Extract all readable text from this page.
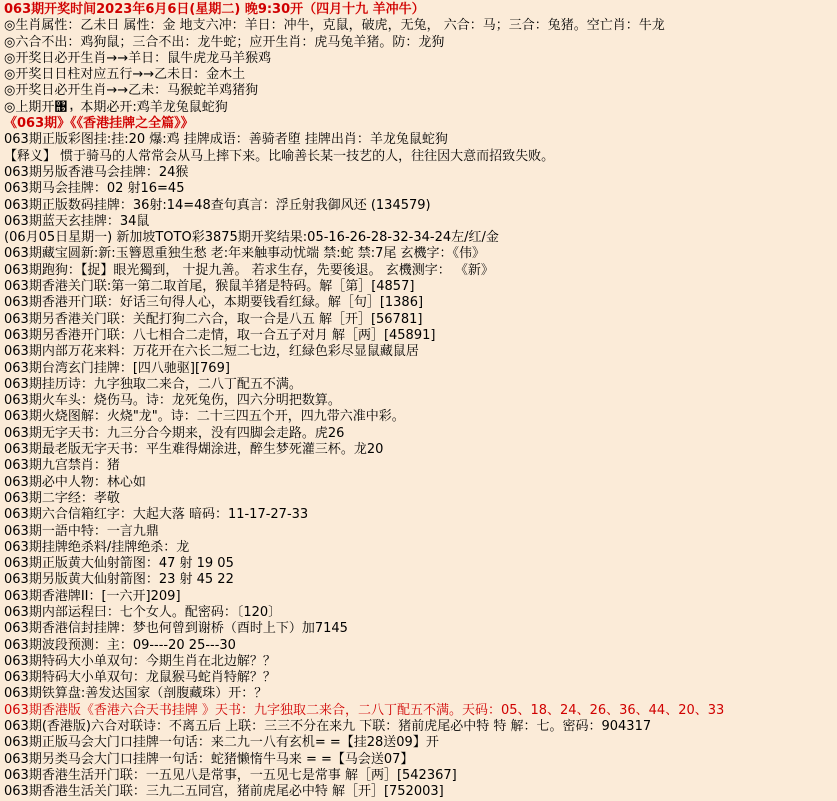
063期开奖时间2023年6月6日(星期二) 晚9:30开（四月十九 羊冲牛）
◎生肖属性：乙未日 属性：金 地支六冲：羊日：冲牛，克鼠，破虎，无兔， 六合：马；三合：兔猪。空亡肖：牛龙
◎六合不出：鸡狗鼠；三合不出：龙牛蛇；应开生肖：虎马兔羊猪。防：龙狗
◎开奖日必开生肖→→羊日：鼠牛虎龙马羊猴鸡
◎开奖日日柱对应五行→→乙未日：金木土
◎开奖日必开生肖→→乙未：马猴蛇羊鸡猪狗
◎上期开঩，本期必开:鸡羊龙兔鼠蛇狗
《063期》《《香港挂牌之全篇》》
063期正版彩图挂:挂:20 爆:鸡 挂牌成语：善骑者堕 挂牌出肖：羊龙兔鼠蛇狗
【释义】 惯于骑马的人常常会从马上摔下来。比喻善长某一技艺的人，往往因大意而招致失败。
063期另版香港马会挂牌：24猴
063期马会挂牌：02 射16=45
063期正版数码挂牌：36射:14=48查句真言：浮丘射我御风还 (134579)
063期蓝天玄挂牌：34鼠
(06月05日星期一) 新加坡TOTO彩3875期开奖结果:05-16-26-28-32-34-24左/红/金
063期藏宝圆新:新:玉簪恩重独生愁 老:年来触事动忧端 禁:蛇 禁:7尾 玄機字：《伟》
063期跑狗：【捉】眼光獨到， 十捉九善。 若求生存，先要後退。 玄機测字： 《新》
063期香港关门联:第一第二取首尾，猴鼠羊猪是特码。解［第］[4857]
063期香港开门联：好话三句得人心，本期要钱看红緑。解［句］[1386]
063期另香港关门联：关配打狗二六合，取一合是八五 解［开］[56781]
063期另香港开门联：八七相合二走情，取一合五子对月 解［两］[45891]
063期内部万花来料：万花开在六长二短二七边，红緑色彩尽显鼠藏鼠居
063期台湾玄门挂牌：[四八驰驱][769]
063期挂历诗：九字独取二来合，二八丁配五不满。
063期火车头：烧伤马。诗：龙死兔伤，四六分明把数算。
063期火烧图解：火烧"龙"。诗：二十三四五个开，四九带六准中彩。
063期无字天书：九三分合今期来，没有四脚会走路。虎26
063期最老版无字天书：平生难得煳涂进，醉生梦死灌三杯。龙20
063期九宫禁肖：猪
063期必中人物：林心如
063期二字经：孝敬
063期六合信箱红字：大起大落 暗码：11-17-27-33
063期一語中特：一言九鼎
063期挂牌绝杀料/挂牌绝杀：龙
063期正版黄大仙射箭图：47 射 19 05
063期另版黄大仙射箭图：23 射 45 22
063期香港牌II：[一六开]209]
063期内部运程曰：七个女人。配密码：〔120〕
063期香港信封挂牌：梦也何曾到谢桥（酉时上下）加7145
063期波段预测：主：09----20 25---30
063期特码大小单双句：今期生肖在北边解？？
063期特码大小单双句：龙鼠猴马蛇肖特解？？
063期铁算盘:善发达国家（剖腹藏珠）开：？
063期香港版《香港六合天书挂牌 》天书：九字独取二来合，二八丁配五不满。天码：05、18、24、26、36、44、20、33
063期(香港版)六合对联诗：不离五后 上联：三三不分在来九 下联：猪前虎尾必中特 特 解：七。密码：904317
063期正版马会大门口挂牌一句话：来二九一八有玄机= =【挂28送09】开
063期另类马会大门口挂牌一句话：蛇猪懒惰牛马来 = =【马会送07】
063期香港生活开门联：一五见八是常事，一五见七是常事 解［两］[542367]
063期香港生活关门联：三九二五同宫，猪前虎尾必中特 解［开］[752003]
